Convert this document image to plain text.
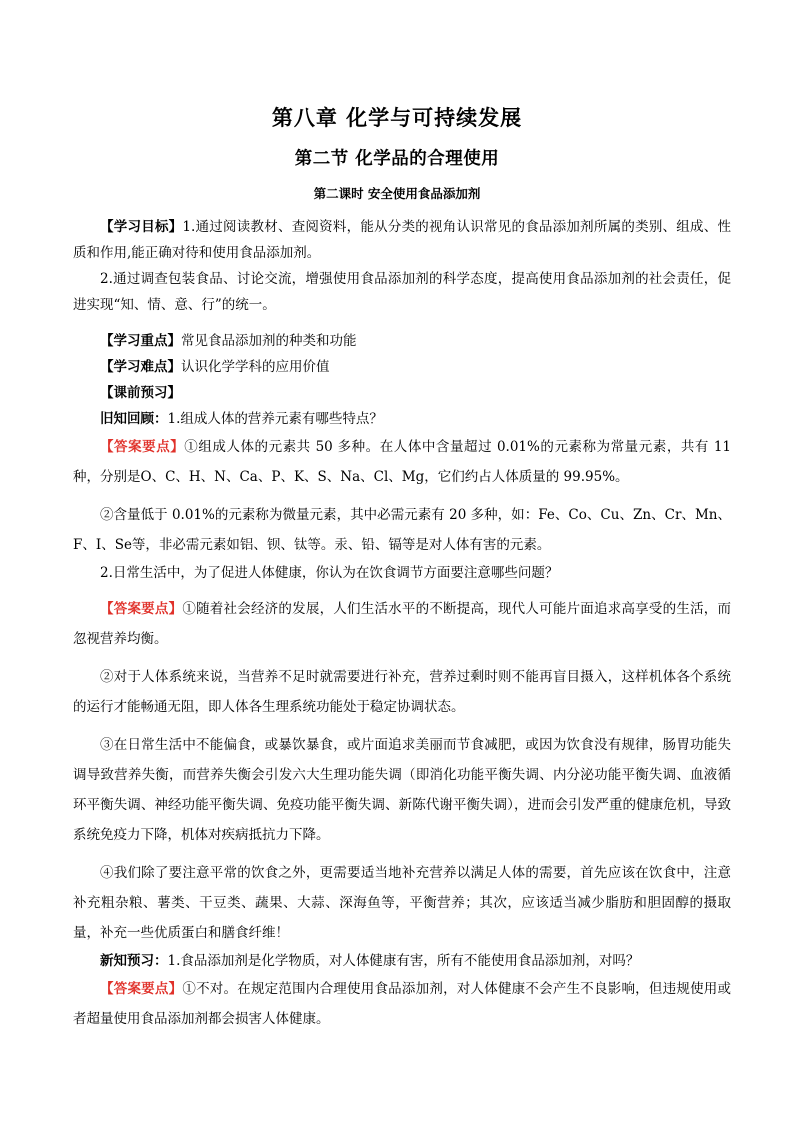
第八章 化学与可持续发展
第二节 化学品的合理使用
第二课时 安全使用食品添加剂

【学习目标】1.通过阅读教材、查阅资料，能从分类的视角认识常见的食品添加剂所属的类别、组成、性质和作用,能正确对待和使用食品添加剂。

2.通过调查包装食品、讨论交流，增强使用食品添加剂的科学态度，提高使用食品添加剂的社会责任，促进实现“知、情、意、行”的统一。

【学习重点】常见食品添加剂的种类和功能

【学习难点】认识化学学科的应用价值

【课前预习】

旧知回顾：1.组成人体的营养元素有哪些特点？

【答案要点】①组成人体的元素共 50 多种。在人体中含量超过 0.01%的元素称为常量元素，共有 11 种，分别是O、C、H、N、Ca、P、K、S、Na、Cl、Mg，它们约占人体质量的 99.95%。

②含量低于 0.01%的元素称为微量元素，其中必需元素有 20 多种，如：Fe、Co、Cu、Zn、Cr、Mn、F、I、Se等，非必需元素如铝、钡、钛等。汞、铅、镉等是对人体有害的元素。

2.日常生活中，为了促进人体健康，你认为在饮食调节方面要注意哪些问题？

【答案要点】①随着社会经济的发展，人们生活水平的不断提高，现代人可能片面追求高享受的生活，而忽视营养均衡。

②对于人体系统来说，当营养不足时就需要进行补充，营养过剩时则不能再盲目摄入，这样机体各个系统的运行才能畅通无阻，即人体各生理系统功能处于稳定协调状态。

③在日常生活中不能偏食，或暴饮暴食，或片面追求美丽而节食减肥，或因为饮食没有规律，肠胃功能失调导致营养失衡，而营养失衡会引发六大生理功能失调（即消化功能平衡失调、内分泌功能平衡失调、血液循环平衡失调、神经功能平衡失调、免疫功能平衡失调、新陈代谢平衡失调），进而会引发严重的健康危机，导致系统免疫力下降，机体对疾病抵抗力下降。

④我们除了要注意平常的饮食之外，更需要适当地补充营养以满足人体的需要，首先应该在饮食中，注意补充粗杂粮、薯类、干豆类、蔬果、大蒜、深海鱼等，平衡营养；其次，应该适当减少脂肪和胆固醇的摄取量，补充一些优质蛋白和膳食纤维！

新知预习：1.食品添加剂是化学物质，对人体健康有害，所有不能使用食品添加剂，对吗？

【答案要点】①不对。在规定范围内合理使用食品添加剂，对人体健康不会产生不良影响，但违规使用或者超量使用食品添加剂都会损害人体健康。
